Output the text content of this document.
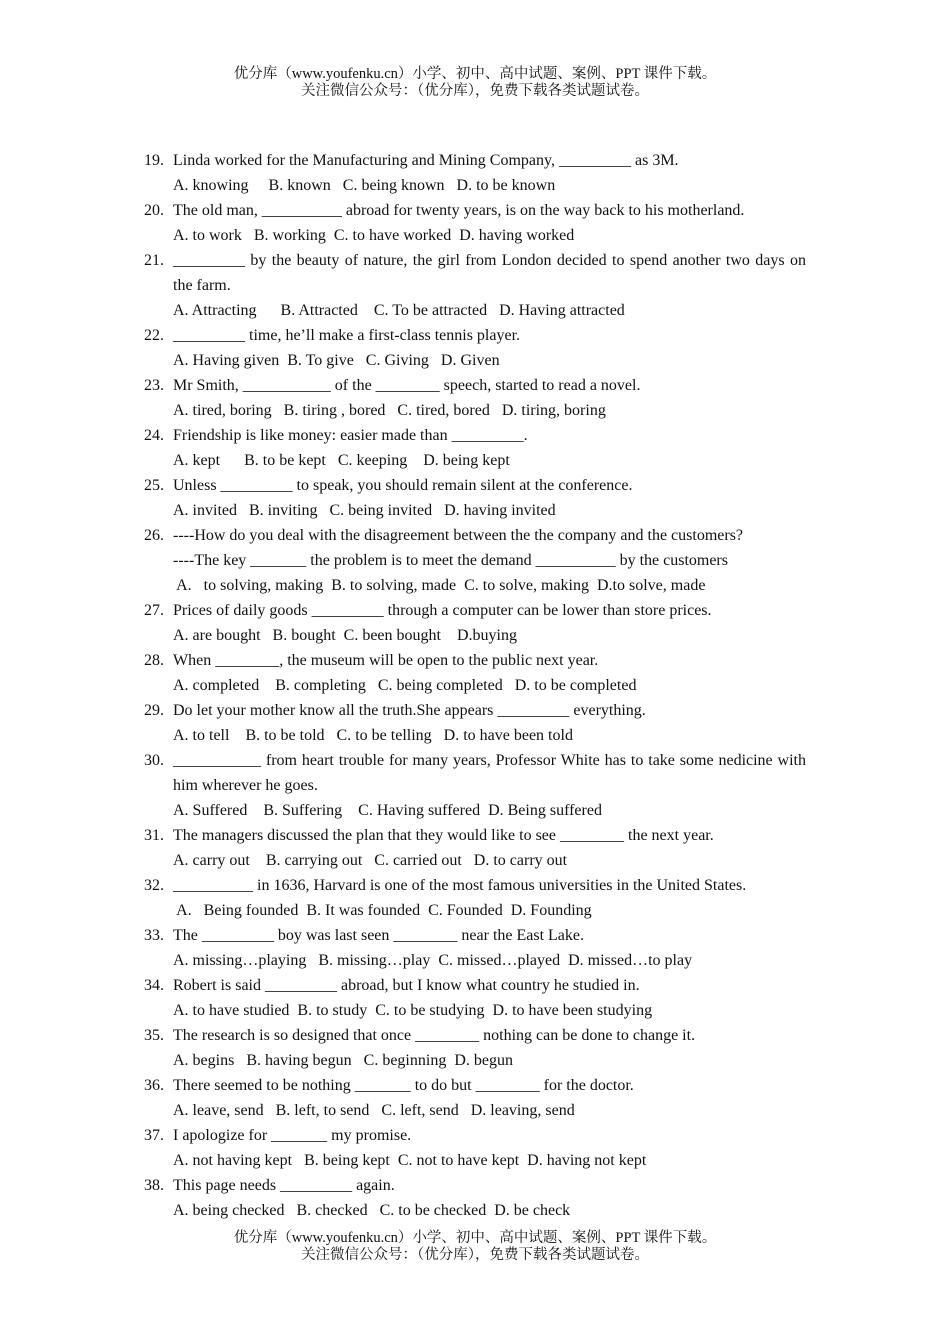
优分库（www.youfenku.cn）小学、初中、高中试题、案例、PPT 课件下载。
关注微信公众号：（优分库），免费下载各类试题试卷。
19. Linda worked for the Manufacturing and Mining Company, _________ as 3M.
A. knowing     B. known   C. being known   D. to be known
20. The old man, __________ abroad for twenty years, is on the way back to his motherland.
A. to work   B. working  C. to have worked  D. having worked
21. _________ by the beauty of nature, the girl from London decided to spend another two days on the farm.
A. Attracting      B. Attracted    C. To be attracted   D. Having attracted
22. _________ time, he’ll make a first-class tennis player.
A. Having given  B. To give   C. Giving   D. Given
23. Mr Smith, ___________ of the ________ speech, started to read a novel.
A. tired, boring   B. tiring , bored   C. tired, bored   D. tiring, boring
24. Friendship is like money: easier made than _________.
A. kept      B. to be kept   C. keeping    D. being kept
25. Unless _________ to speak, you should remain silent at the conference.
A. invited   B. inviting   C. being invited   D. having invited
26. ----How do you deal with the disagreement between the the company and the customers?
----The key _______ the problem is to meet the demand __________ by the customers
A.   to solving, making  B. to solving, made  C. to solve, making  D.to solve, made
27. Prices of daily goods _________ through a computer can be lower than store prices.
A. are bought   B. bought  C. been bought    D.buying
28. When ________, the museum will be open to the public next year.
A. completed    B. completing   C. being completed   D. to be completed
29. Do let your mother know all the truth.She appears _________ everything.
A. to tell    B. to be told   C. to be telling   D. to have been told
30. ___________ from heart trouble for many years, Professor White has to take some nedicine with him wherever he goes.
A. Suffered    B. Suffering    C. Having suffered  D. Being suffered
31. The managers discussed the plan that they would like to see ________ the next year.
A. carry out    B. carrying out   C. carried out   D. to carry out
32. __________ in 1636, Harvard is one of the most famous universities in the United States.
A.   Being founded  B. It was founded  C. Founded  D. Founding
33. The _________ boy was last seen ________ near the East Lake.
A. missing…playing   B. missing…play  C. missed…played  D. missed…to play
34. Robert is said _________ abroad, but I know what country he studied in.
A. to have studied  B. to study  C. to be studying  D. to have been studying
35. The research is so designed that once ________ nothing can be done to change it.
A. begins   B. having begun   C. beginning  D. begun
36. There seemed to be nothing _______ to do but ________ for the doctor.
A. leave, send   B. left, to send   C. left, send   D. leaving, send
37. I apologize for _______ my promise.
A. not having kept   B. being kept  C. not to have kept  D. having not kept
38. This page needs _________ again.
A. being checked   B. checked   C. to be checked  D. be check
优分库（www.youfenku.cn）小学、初中、高中试题、案例、PPT 课件下载。
关注微信公众号：（优分库），免费下载各类试题试卷。
